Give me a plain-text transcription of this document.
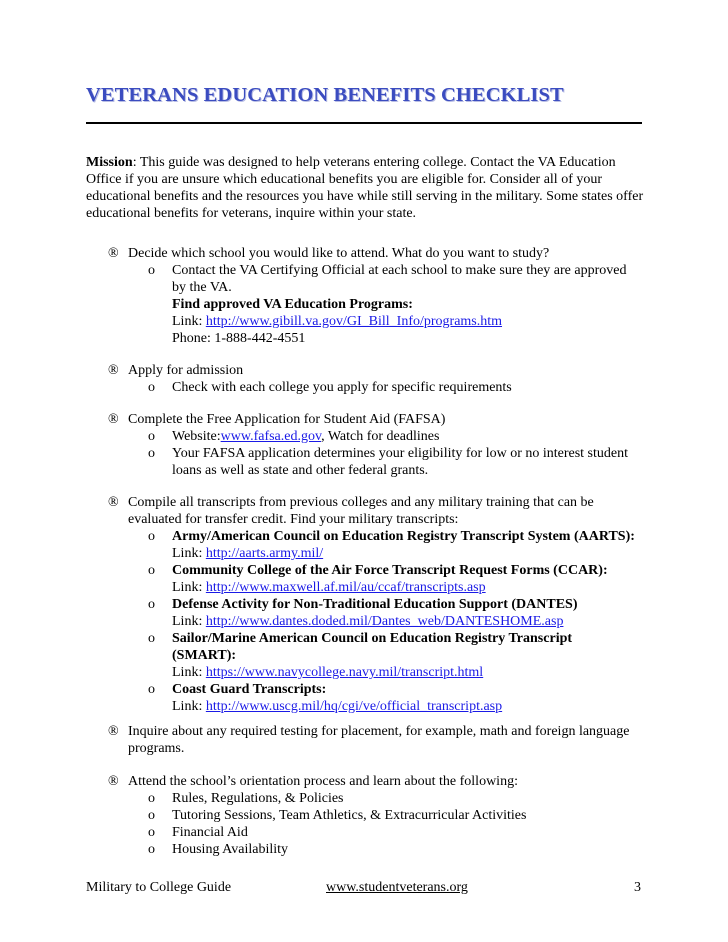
VETERANS EDUCATION BENEFITS CHECKLIST

Mission: This guide was designed to help veterans entering college. Contact the VA Education Office if you are unsure which educational benefits you are eligible for. Consider all of your educational benefits and the resources you have while still serving in the military. Some states offer educational benefits for veterans, inquire within your state.

® Decide which school you would like to attend. What do you want to study?
o Contact the VA Certifying Official at each school to make sure they are approved
by the VA.
Find approved VA Education Programs:
Link: http://www.gibill.va.gov/GI_Bill_Info/programs.htm
Phone: 1-888-442-4551
® Apply for admission
o Check with each college you apply for specific requirements
® Complete the Free Application for Student Aid (FAFSA)
o Website:www.fafsa.ed.gov, Watch for deadlines
o Your FAFSA application determines your eligibility for low or no interest student
loans as well as state and other federal grants.
® Compile all transcripts from previous colleges and any military training that can be
evaluated for transfer credit. Find your military transcripts:
o Army/American Council on Education Registry Transcript System (AARTS):
Link: http://aarts.army.mil/
o Community College of the Air Force Transcript Request Forms (CCAR):
Link: http://www.maxwell.af.mil/au/ccaf/transcripts.asp
o Defense Activity for Non-Traditional Education Support (DANTES)
Link: http://www.dantes.doded.mil/Dantes_web/DANTESHOME.asp
o Sailor/Marine American Council on Education Registry Transcript
(SMART):
Link: https://www.navycollege.navy.mil/transcript.html
o Coast Guard Transcripts:
Link: http://www.uscg.mil/hq/cgi/ve/official_transcript.asp
® Inquire about any required testing for placement, for example, math and foreign language
programs.
® Attend the school’s orientation process and learn about the following:
o Rules, Regulations, & Policies
o Tutoring Sessions, Team Athletics, & Extracurricular Activities
o Financial Aid
o Housing Availability
Military to College Guide	www.studentveterans.org	3
